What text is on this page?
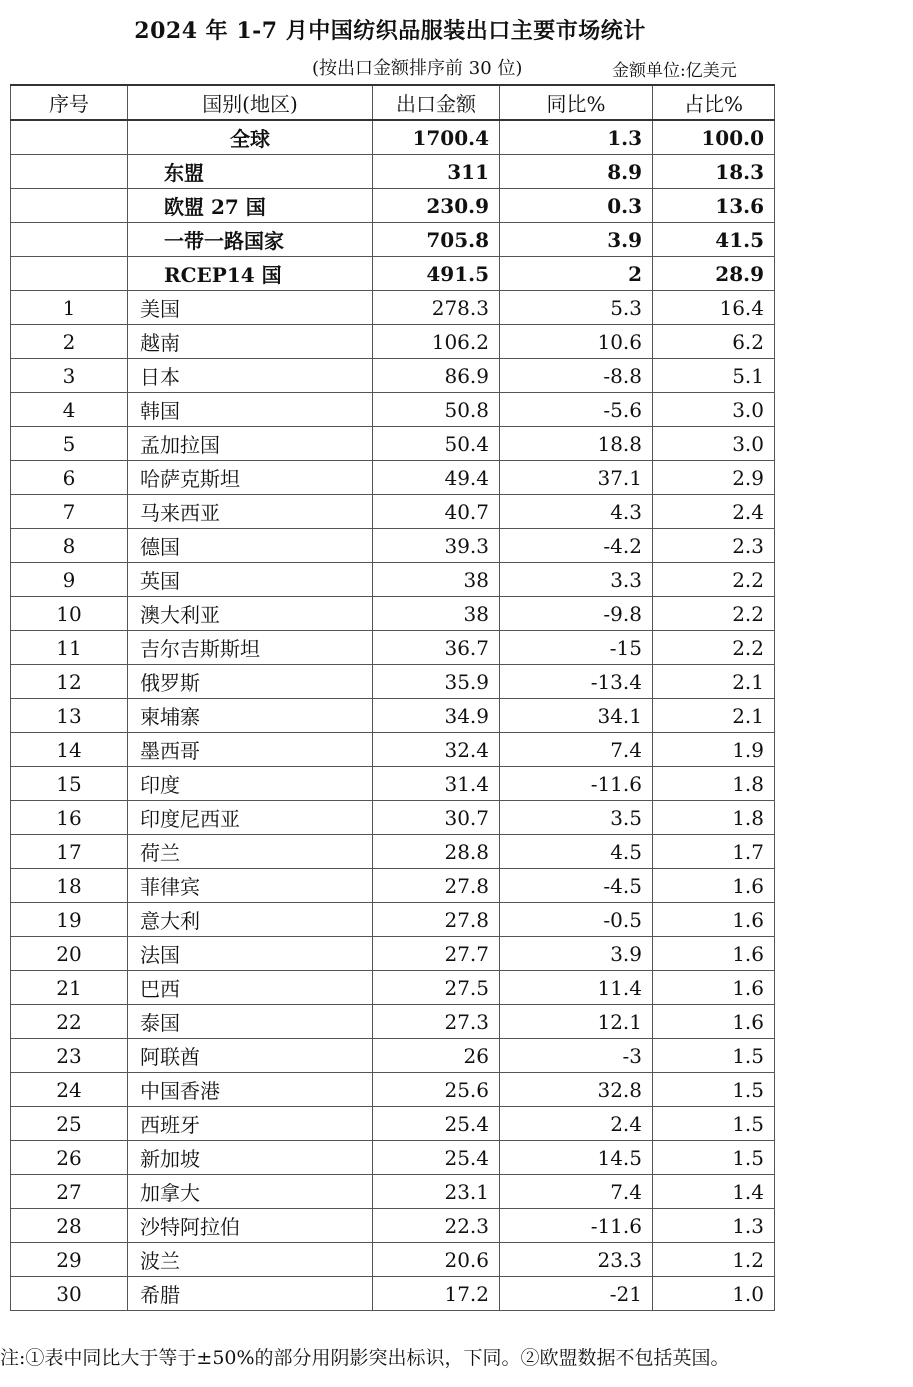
2024 年 1-7 月中国纺织品服装出口主要市场统计
(按出口金额排序前 30 位)	金额单位:亿美元
序号	国别(地区)	出口金额	同比%	占比%
	全球	1700.4	1.3	100.0
	东盟	311	8.9	18.3
	欧盟 27 国	230.9	0.3	13.6
	一带一路国家	705.8	3.9	41.5
	RCEP14 国	491.5	2	28.9
1	美国	278.3	5.3	16.4
2	越南	106.2	10.6	6.2
3	日本	86.9	-8.8	5.1
4	韩国	50.8	-5.6	3.0
5	孟加拉国	50.4	18.8	3.0
6	哈萨克斯坦	49.4	37.1	2.9
7	马来西亚	40.7	4.3	2.4
8	德国	39.3	-4.2	2.3
9	英国	38	3.3	2.2
10	澳大利亚	38	-9.8	2.2
11	吉尔吉斯斯坦	36.7	-15	2.2
12	俄罗斯	35.9	-13.4	2.1
13	柬埔寨	34.9	34.1	2.1
14	墨西哥	32.4	7.4	1.9
15	印度	31.4	-11.6	1.8
16	印度尼西亚	30.7	3.5	1.8
17	荷兰	28.8	4.5	1.7
18	菲律宾	27.8	-4.5	1.6
19	意大利	27.8	-0.5	1.6
20	法国	27.7	3.9	1.6
21	巴西	27.5	11.4	1.6
22	泰国	27.3	12.1	1.6
23	阿联酋	26	-3	1.5
24	中国香港	25.6	32.8	1.5
25	西班牙	25.4	2.4	1.5
26	新加坡	25.4	14.5	1.5
27	加拿大	23.1	7.4	1.4
28	沙特阿拉伯	22.3	-11.6	1.3
29	波兰	20.6	23.3	1.2
30	希腊	17.2	-21	1.0
注:①表中同比大于等于±50%的部分用阴影突出标识，下同。②欧盟数据不包括英国。
